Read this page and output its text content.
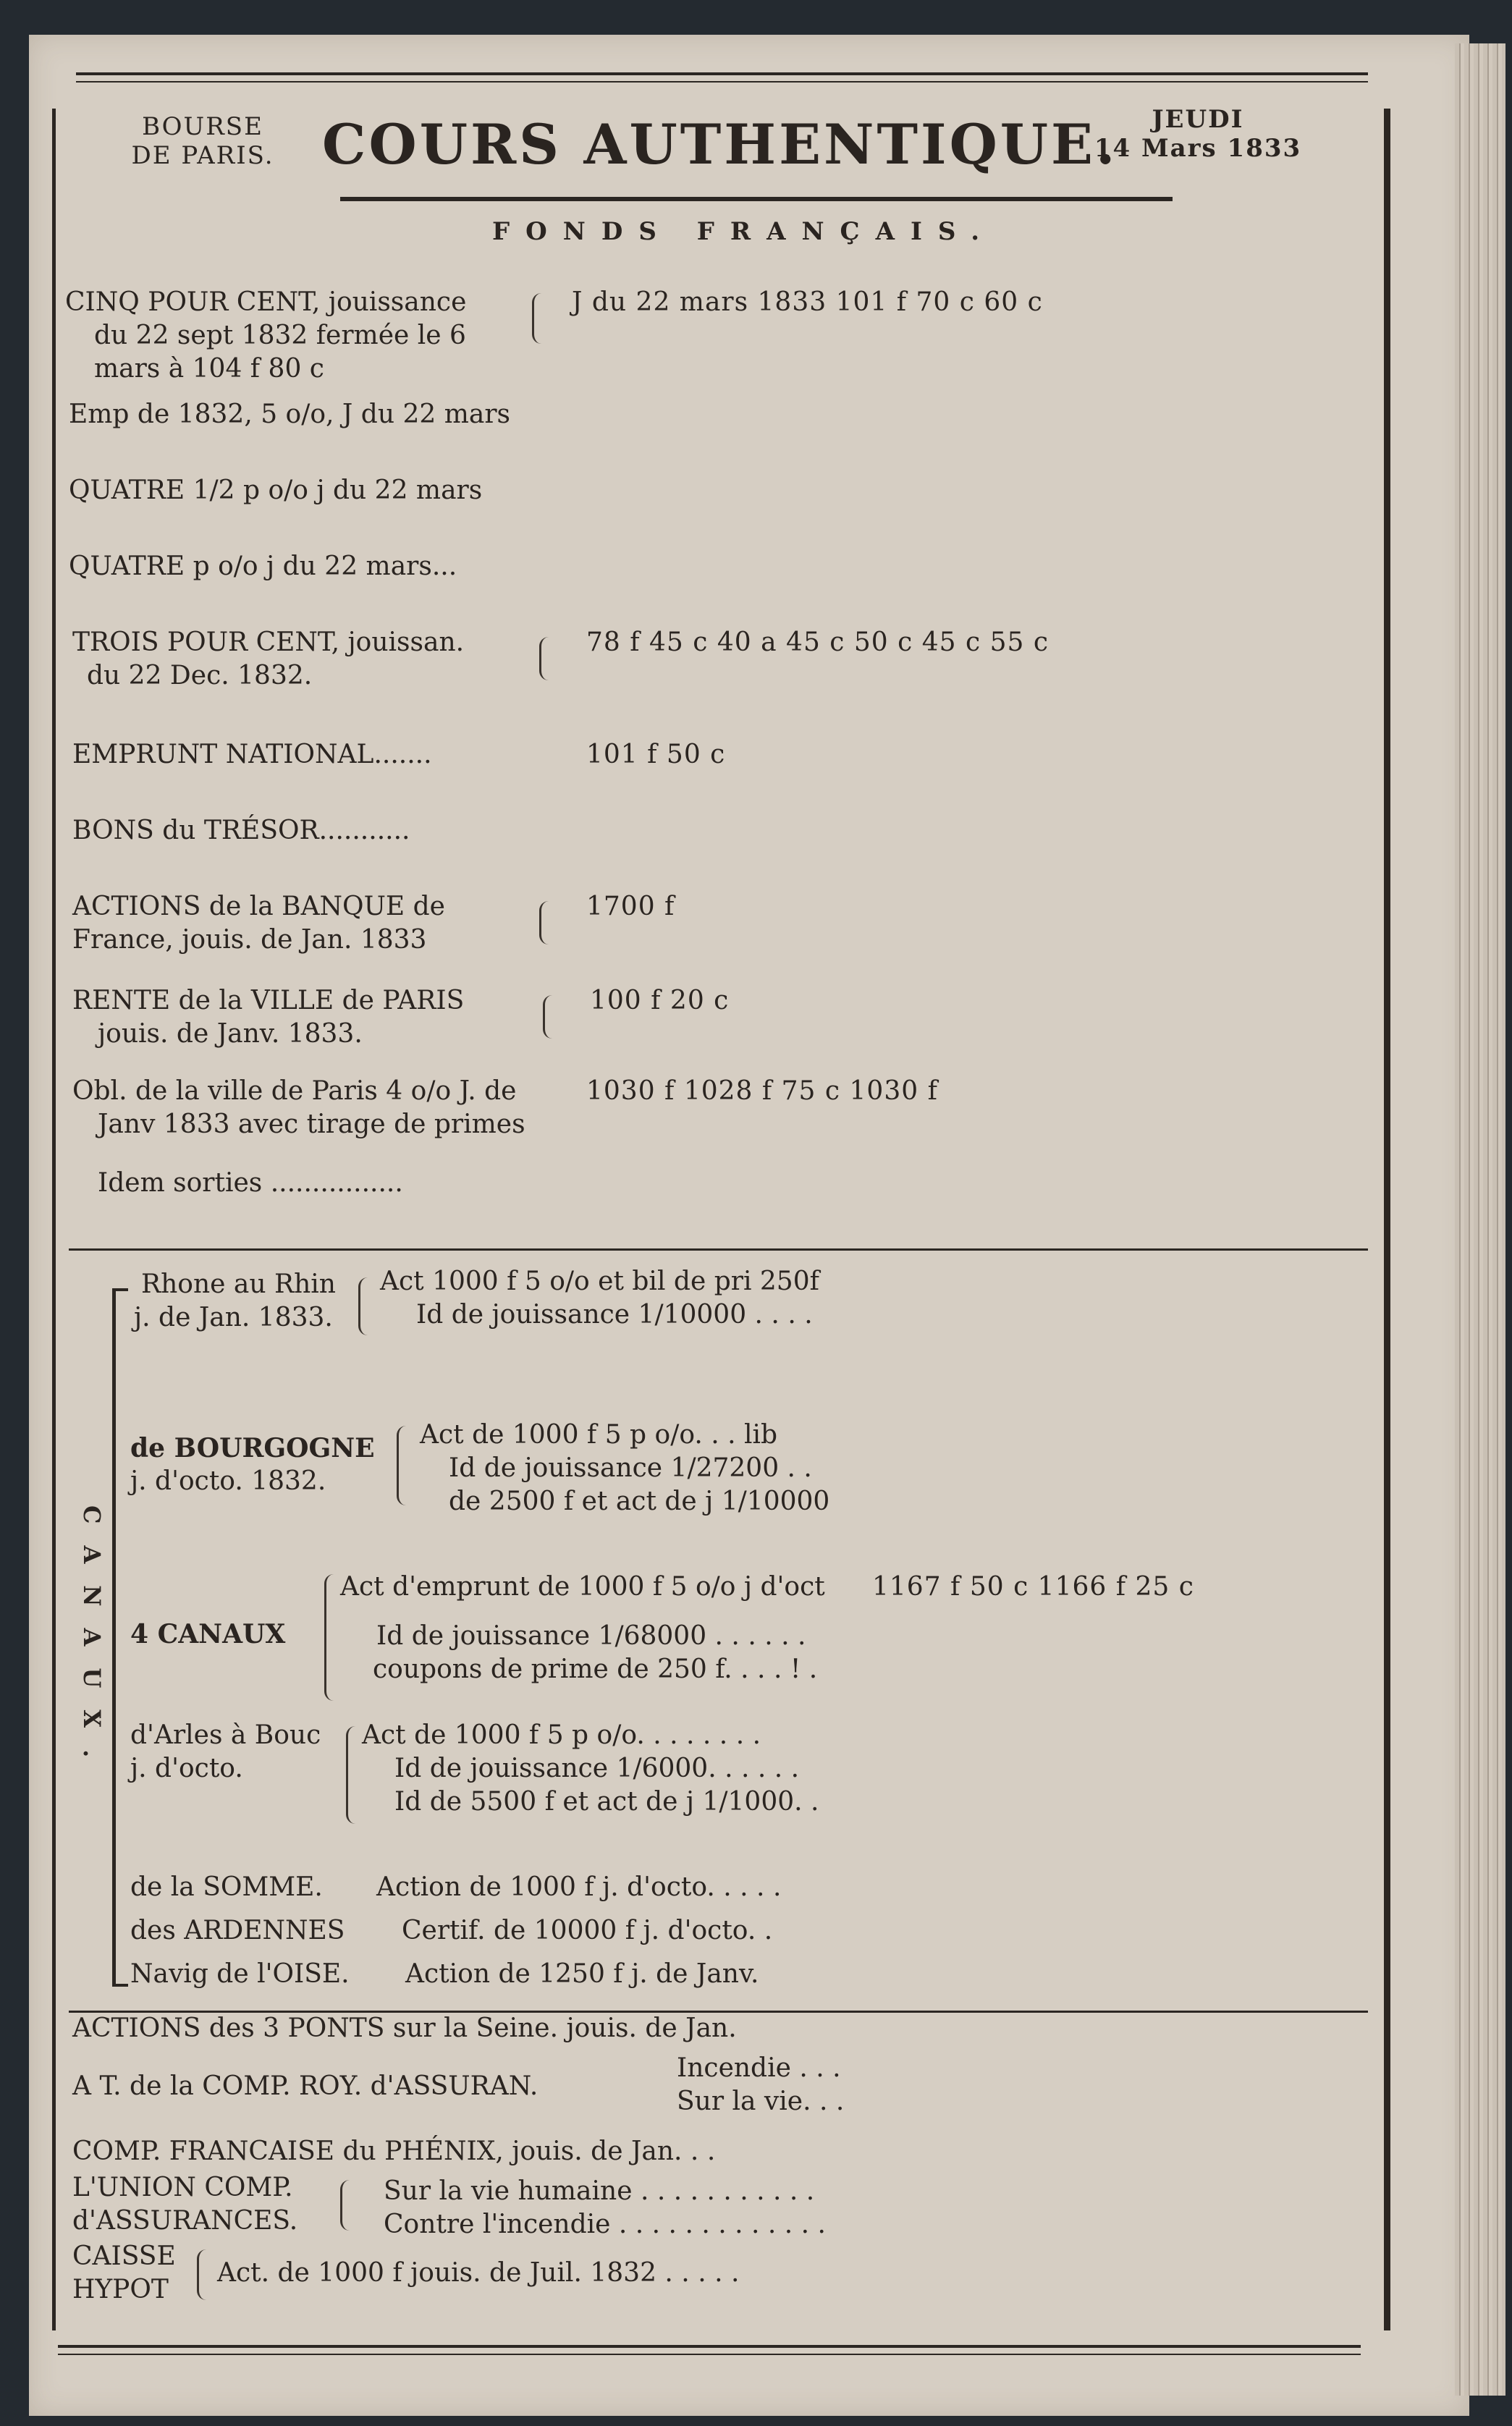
BOURSE
DE PARIS. COURS AUTHENTIQUE.	JEUDI
14 Mars 1833
FONDS FRANÇAIS.
CINQ POUR CENT, jouissance
du 22 sept 1832 fermée le 6
mars à 104 f 80 c
J du 22 mars 1833 101 f 70 c 60 c
Emp de 1832, 5 o/o, J du 22 mars
QUATRE 1/2 p o/o j du 22 mars
QUATRE p o/o j du 22 mars...
TROIS POUR CENT, jouissan.
du 22 Dec. 1832.
78 f 45 c 40 a 45 c 50 c 45 c 55 c
EMPRUNT NATIONAL.......	101 f 50 c
BONS du TRÉSOR...........
ACTIONS de la BANQUE de
France, jouis. de Jan. 1833
1700 f
RENTE de la VILLE de PARIS
jouis. de Janv. 1833.
100 f 20 c
Obl. de la ville de Paris 4 o/o J. de
Janv 1833 avec tirage de primes
1030 f 1028 f 75 c 1030 f
Idem sorties ................
CANAUX.
Rhone au Rhin
j. de Jan. 1833.
Act 1000 f 5 o/o et bil de pri 250f
Id de jouissance 1/10000 . . . .
de BOURGOGNE
j. d'octo. 1832.
Act de 1000 f 5 p o/o. . . lib
Id de jouissance 1/27200 . .
de 2500 f et act de j 1/10000
4 CANAUX
Act d'emprunt de 1000 f 5 o/o j d'oct
Id de jouissance 1/68000 . . . . . .
coupons de prime de 250 f. . . . ! .
1167 f 50 c 1166 f 25 c
d'Arles à Bouc
j. d'octo.
Act de 1000 f 5 p o/o. . . . . . . .
Id de jouissance 1/6000. . . . . .
Id de 5500 f et act de j 1/1000. .
de la SOMME. Action de 1000 f j. d'octo. . . . .
des ARDENNES Certif. de 10000 f j. d'octo. .
Navig de l'OISE. Action de 1250 f j. de Janv.
ACTIONS des 3 PONTS sur la Seine. jouis. de Jan.
A T. de la COMP. ROY. d'ASSURAN.
Incendie . . .
Sur la vie. . .
COMP. FRANCAISE du PHÉNIX, jouis. de Jan. . .
L'UNION COMP.
d'ASSURANCES.
Sur la vie humaine . . . . . . . . . . .
Contre l'incendie . . . . . . . . . . . . .
CAISSE
HYPOT
Act. de 1000 f jouis. de Juil. 1832 . . . . .
